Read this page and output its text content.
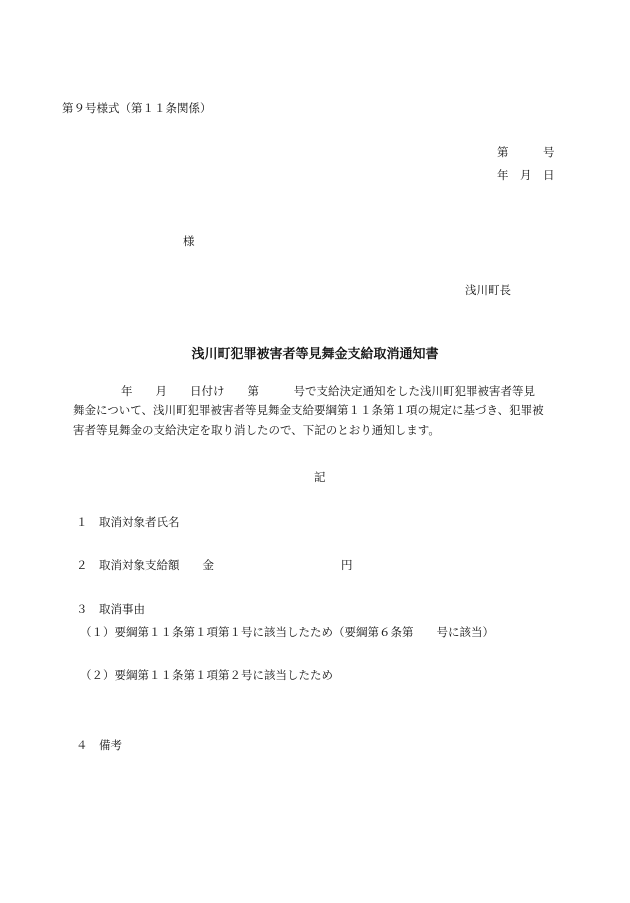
第９号様式（第１１条関係）
第　　　号
年　月　日
様
浅川町長
浅川町犯罪被害者等見舞金支給取消通知書
年　　月　　日付け　　第　　　号で支給決定通知をした浅川町犯罪被害者等見
舞金について、浅川町犯罪被害者等見舞金支給要綱第１１条第１項の規定に基づき、犯罪被
害者等見舞金の支給決定を取り消したので、下記のとおり通知します。
記
１　取消対象者氏名
２　取消対象支給額　　金	円
３　取消事由
（１）要綱第１１条第１項第１号に該当したため（要綱第６条第　　号に該当）
（２）要綱第１１条第１項第２号に該当したため
４　備考
